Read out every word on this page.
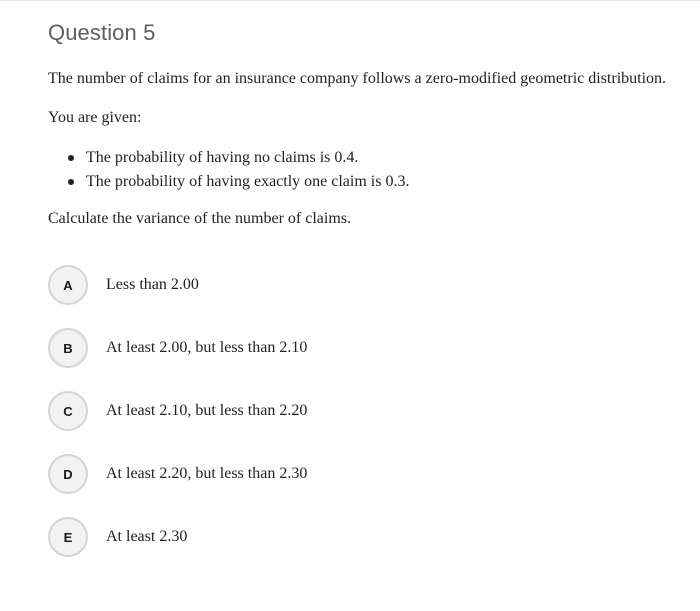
Question 5

The number of claims for an insurance company follows a zero-modified geometric distribution.

You are given:

The probability of having no claims is 0.4.
The probability of having exactly one claim is 0.3.

Calculate the variance of the number of claims.

A	Less than 2.00
B	At least 2.00, but less than 2.10
C	At least 2.10, but less than 2.20
D	At least 2.20, but less than 2.30
E	At least 2.30
